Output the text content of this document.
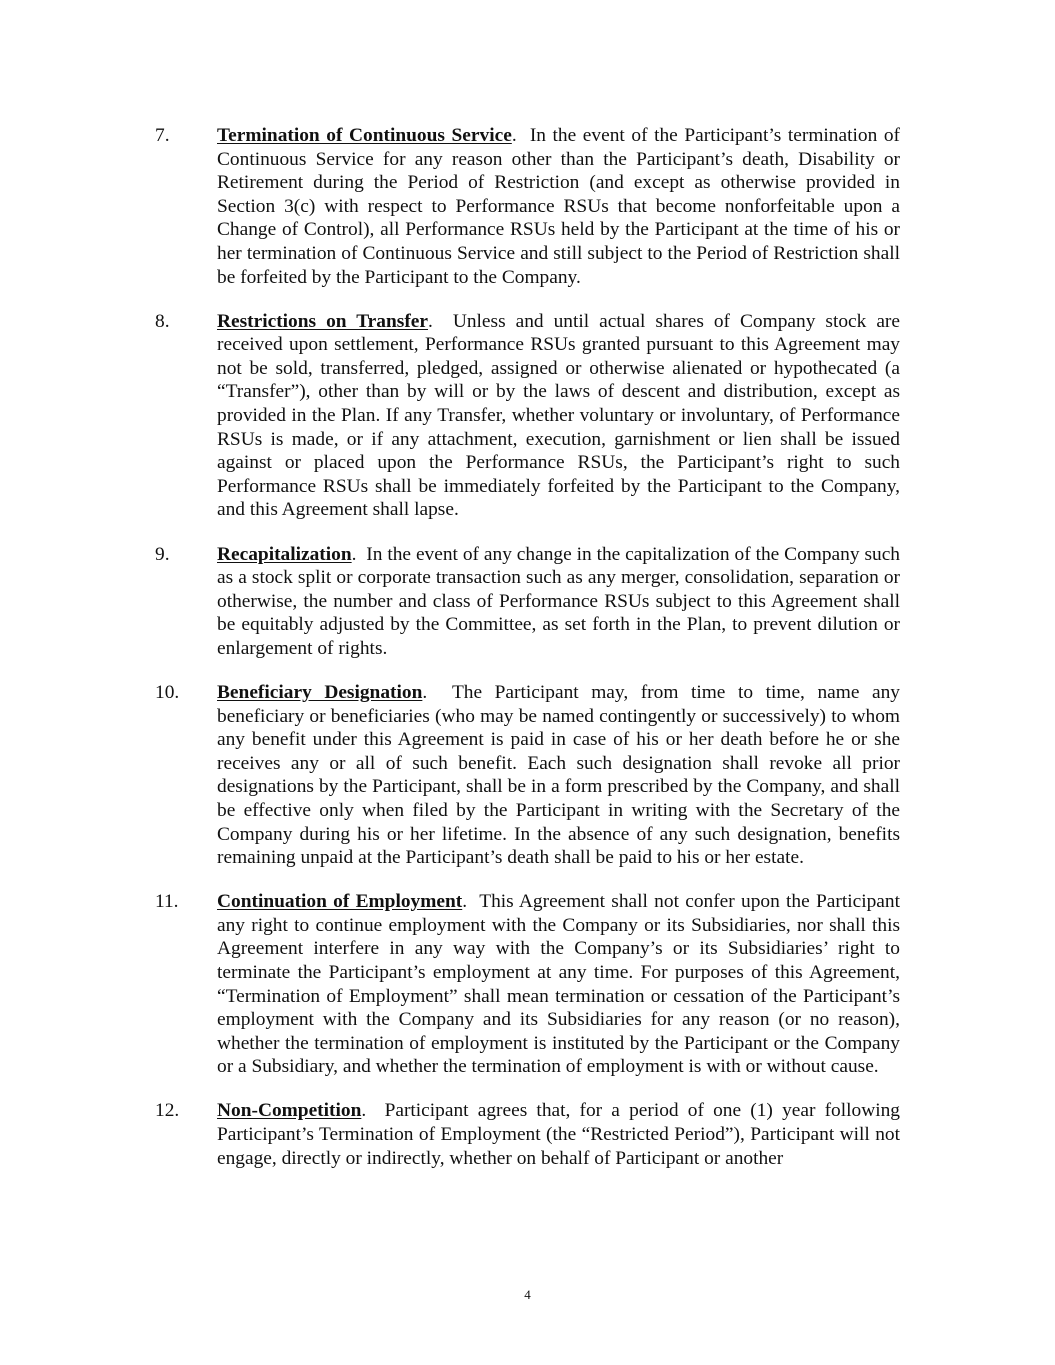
7. Termination of Continuous Service.  In the event of the Participant’s termination of Continuous Service for any reason other than the Participant’s death, Disability or Retirement during the Period of Restriction (and except as otherwise provided in Section 3(c) with respect to Performance RSUs that become nonforfeitable upon a Change of Control), all Performance RSUs held by the Participant at the time of his or her termination of Continuous Service and still subject to the Period of Restriction shall be forfeited by the Participant to the Company.
8. Restrictions on Transfer.  Unless and until actual shares of Company stock are received upon settlement, Performance RSUs granted pursuant to this Agreement may not be sold, transferred, pledged, assigned or otherwise alienated or hypothecated (a “Transfer”), other than by will or by the laws of descent and distribution, except as provided in the Plan. If any Transfer, whether voluntary or involuntary, of Performance RSUs is made, or if any attachment, execution, garnishment or lien shall be issued against or placed upon the Performance RSUs, the Participant’s right to such Performance RSUs shall be immediately forfeited by the Participant to the Company, and this Agreement shall lapse.
9. Recapitalization.  In the event of any change in the capitalization of the Company such as a stock split or corporate transaction such as any merger, consolidation, separation or otherwise, the number and class of Performance RSUs subject to this Agreement shall be equitably adjusted by the Committee, as set forth in the Plan, to prevent dilution or enlargement of rights.
10. Beneficiary Designation.  The Participant may, from time to time, name any beneficiary or beneficiaries (who may be named contingently or successively) to whom any benefit under this Agreement is paid in case of his or her death before he or she receives any or all of such benefit. Each such designation shall revoke all prior designations by the Participant, shall be in a form prescribed by the Company, and shall be effective only when filed by the Participant in writing with the Secretary of the Company during his or her lifetime. In the absence of any such designation, benefits remaining unpaid at the Participant’s death shall be paid to his or her estate.
11. Continuation of Employment.  This Agreement shall not confer upon the Participant any right to continue employment with the Company or its Subsidiaries, nor shall this Agreement interfere in any way with the Company’s or its Subsidiaries’ right to terminate the Participant’s employment at any time. For purposes of this Agreement, “Termination of Employment” shall mean termination or cessation of the Participant’s employment with the Company and its Subsidiaries for any reason (or no reason), whether the termination of employment is instituted by the Participant or the Company or a Subsidiary, and whether the termination of employment is with or without cause.
12. Non-Competition.  Participant agrees that, for a period of one (1) year following Participant’s Termination of Employment (the “Restricted Period”), Participant will not engage, directly or indirectly, whether on behalf of Participant or another
4
